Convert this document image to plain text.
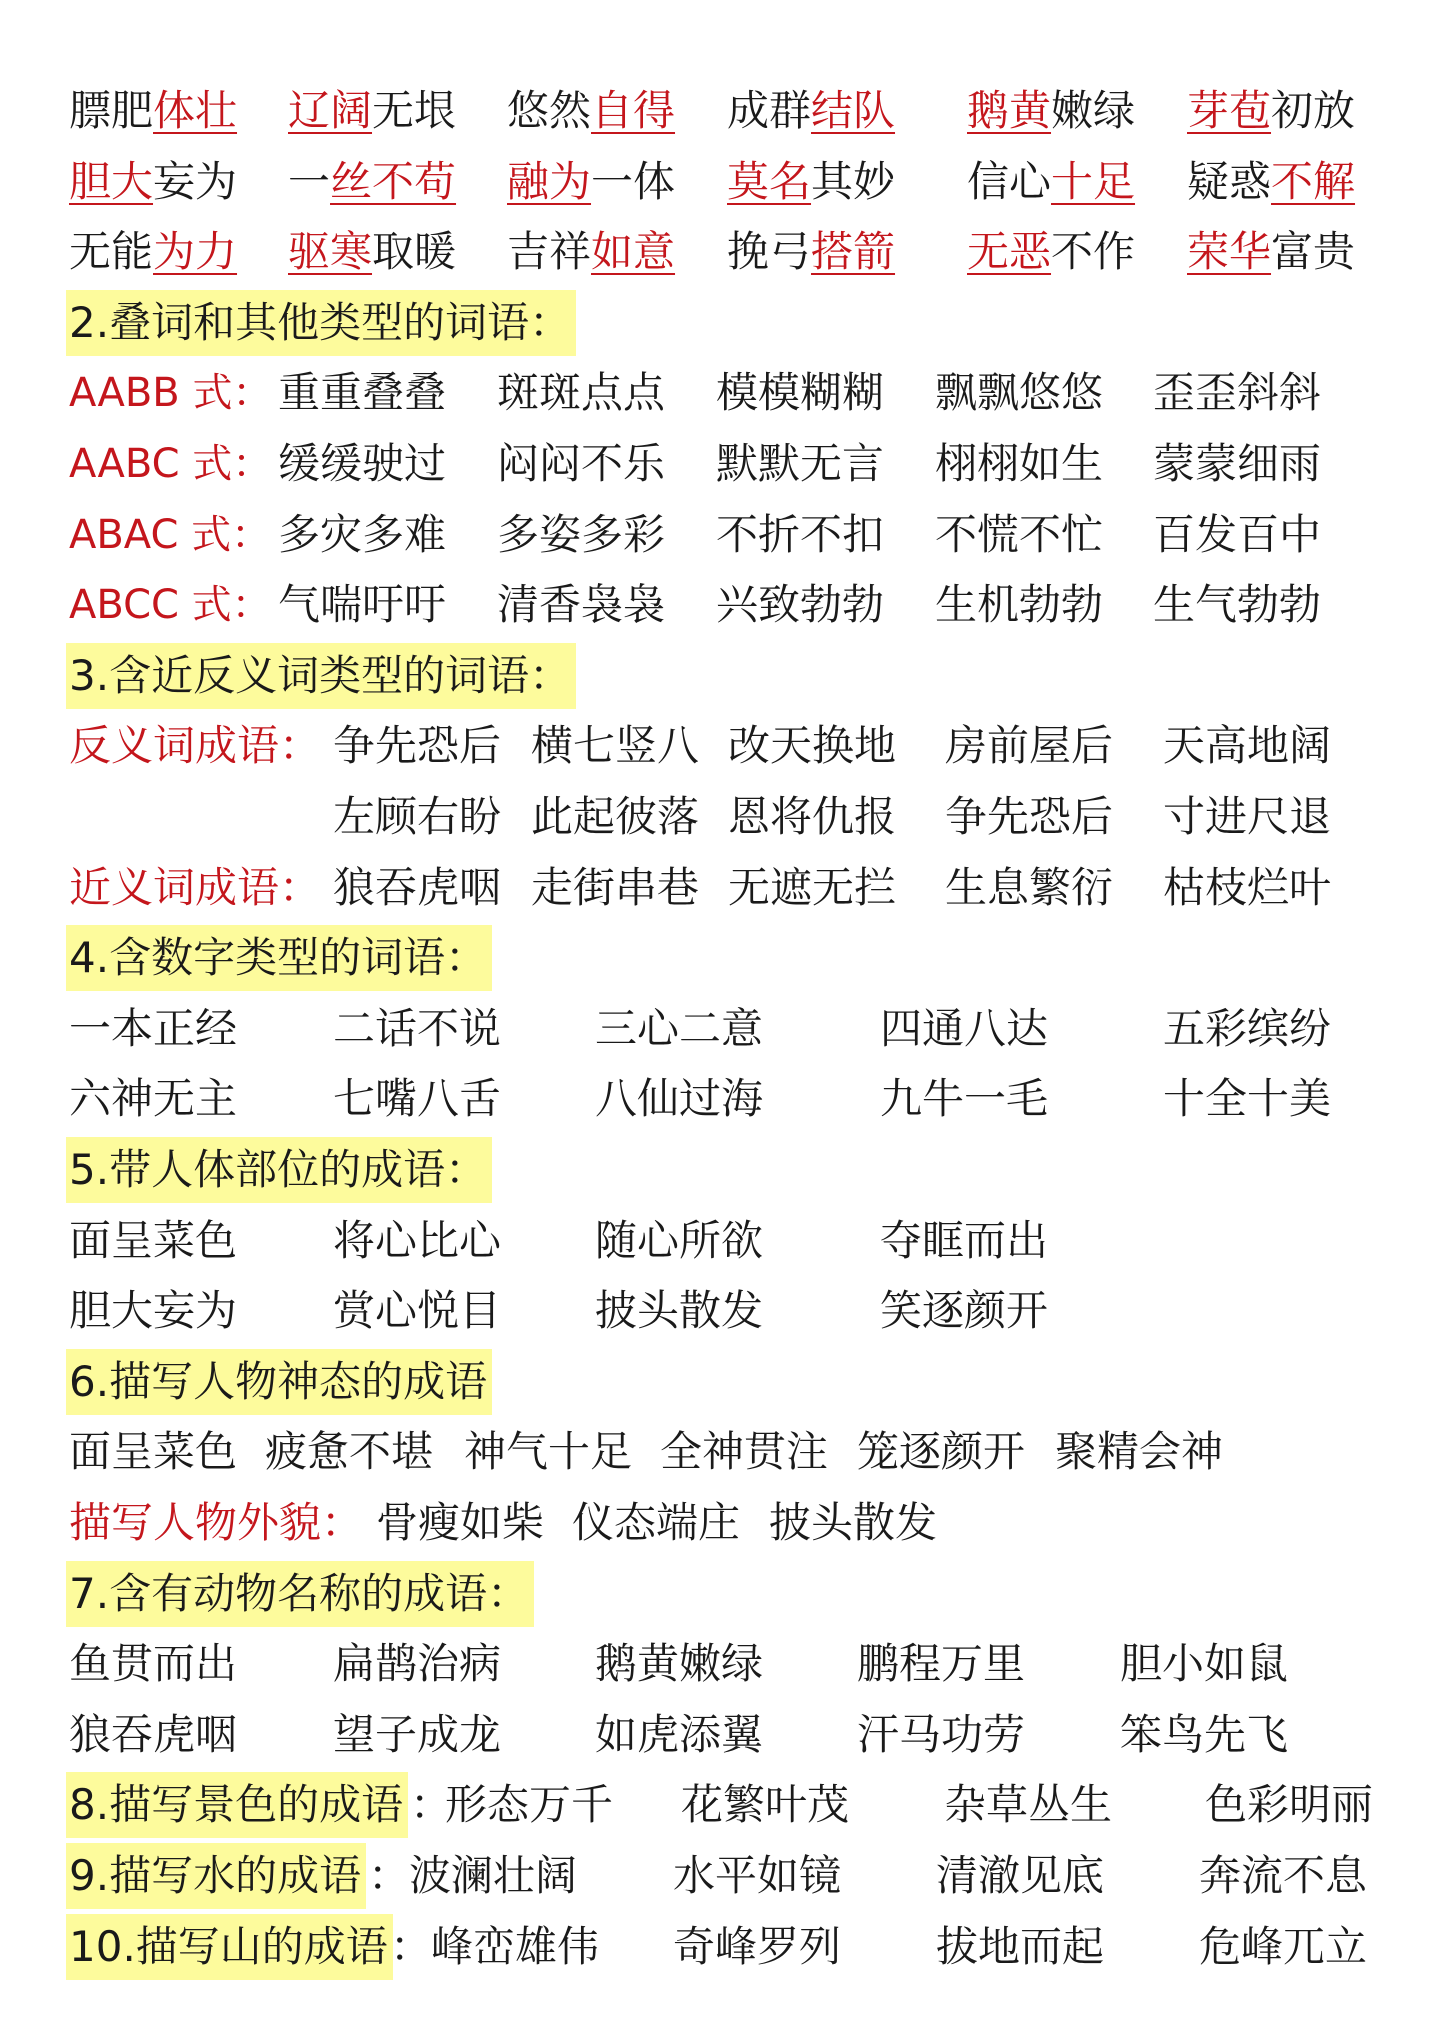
膘肥体壮 辽阔无垠 悠然自得 成群结队 鹅黄嫩绿 芽苞初放
胆大妄为 一丝不苟 融为一体 莫名其妙 信心十足 疑惑不解
无能为力 驱寒取暖 吉祥如意 挽弓搭箭 无恶不作 荣华富贵
2.叠词和其他类型的词语：
AABB 式： 重重叠叠 斑斑点点 模模糊糊 飘飘悠悠 歪歪斜斜
AABC 式： 缓缓驶过 闷闷不乐 默默无言 栩栩如生 蒙蒙细雨
ABAC 式： 多灾多难 多姿多彩 不折不扣 不慌不忙 百发百中
ABCC 式： 气喘吁吁 清香袅袅 兴致勃勃 生机勃勃 生气勃勃
3.含近反义词类型的词语：
反义词成语： 争先恐后 横七竖八 改天换地 房前屋后 天高地阔
左顾右盼 此起彼落 恩将仇报 争先恐后 寸进尺退
近义词成语： 狼吞虎咽 走街串巷 无遮无拦 生息繁衍 枯枝烂叶
4.含数字类型的词语：
一本正经 二话不说 三心二意	四通八达	五彩缤纷
六神无主 七嘴八舌 八仙过海	九牛一毛	十全十美
5.带人体部位的成语：
面呈菜色 将心比心 随心所欲	夺眶而出
胆大妄为 赏心悦目 披头散发	笑逐颜开
6.描写人物神态的成语
面呈菜色 疲惫不堪 神气十足 全神贯注 笼逐颜开 聚精会神
描写人物外貌： 骨瘦如柴 仪态端庄 披头散发
7.含有动物名称的成语：
鱼贯而出 扁鹊治病 鹅黄嫩绿 鹏程万里 胆小如鼠
狼吞虎咽 望子成龙 如虎添翼 汗马功劳 笨鸟先飞
8.描写景色的成语 ：
形态万千 花繁叶茂 杂草丛生 色彩明丽
9.描写水的成语 ：
波澜壮阔 水平如镜 清澈见底 奔流不息
10.描写山的成语 ：
峰峦雄伟 奇峰罗列 拔地而起 危峰兀立
